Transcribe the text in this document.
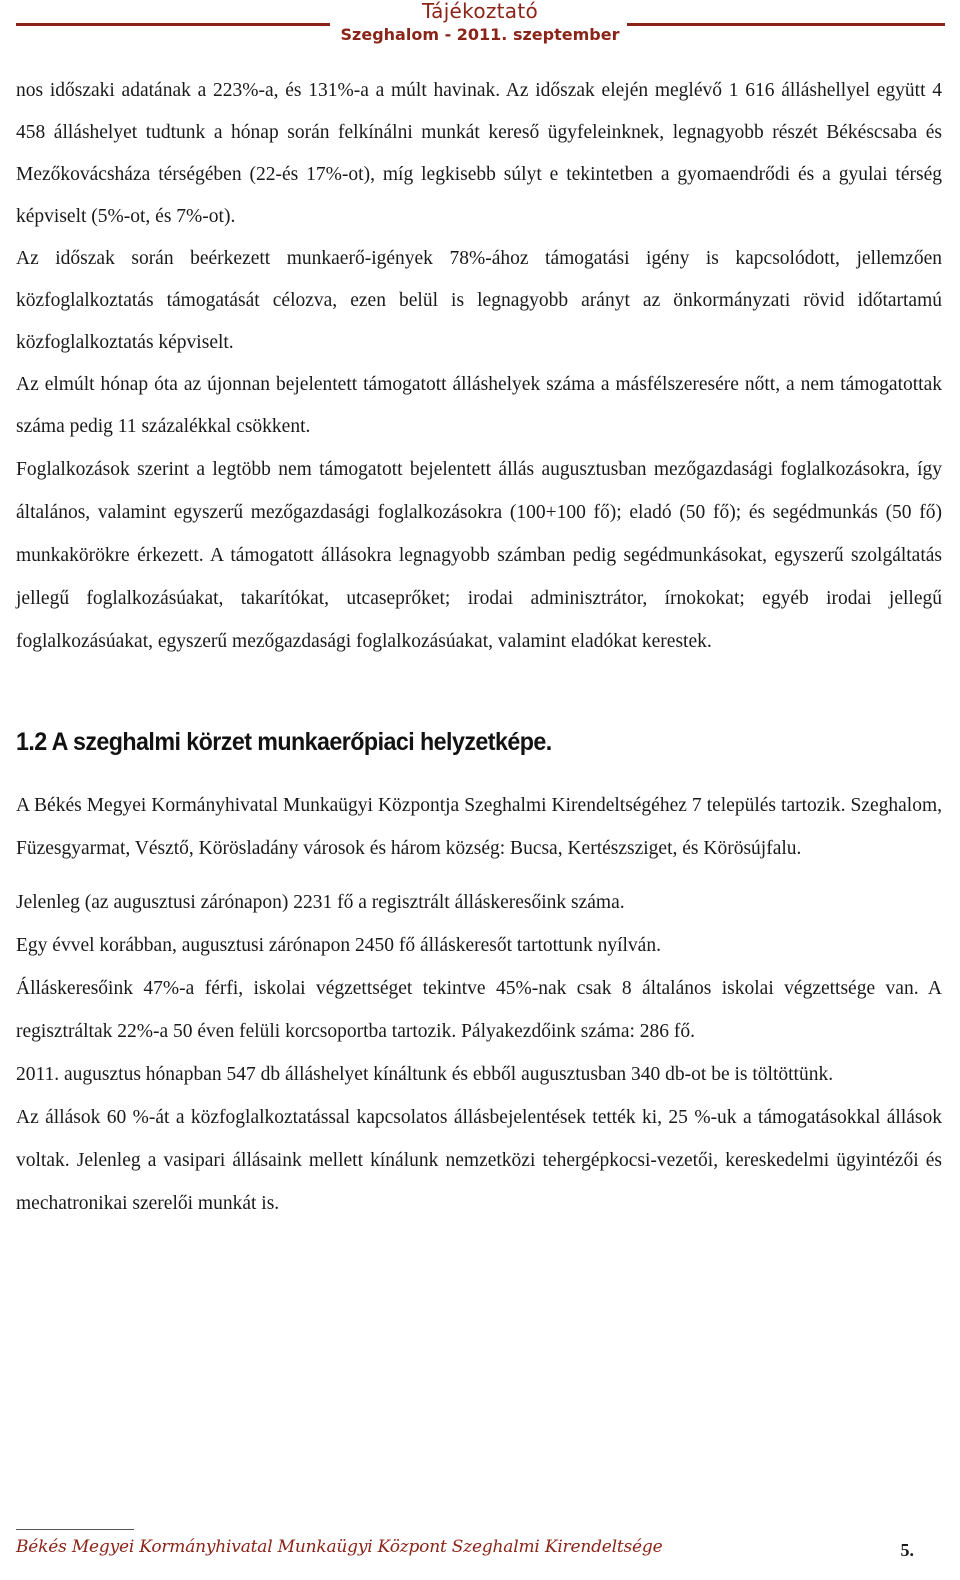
Tájékoztató
Szeghalom - 2011. szeptember

nos időszaki adatának a 223%-a, és 131%-a a múlt havinak. Az időszak elején meglévő 1 616 álláshellyel együtt 4 458 álláshelyet tudtunk a hónap során felkínálni munkát kereső ügyfeleinknek, legnagyobb részét Békéscsaba és Mezőkovácsháza térségében (22-és 17%-ot), míg legkisebb súlyt e tekintetben a gyomaendrődi és a gyulai térség képviselt (5%-ot, és 7%-ot).

Az időszak során beérkezett munkaerő-igények 78%-ához támogatási igény is kapcsolódott, jellemzően közfoglalkoztatás támogatását célozva, ezen belül is legnagyobb arányt az önkormányzati rövid időtartamú közfoglalkoztatás képviselt.

Az elmúlt hónap óta az újonnan bejelentett támogatott álláshelyek száma a másfélszeresére nőtt, a nem támogatottak száma pedig 11 százalékkal csökkent.

Foglalkozások szerint a legtöbb nem támogatott bejelentett állás augusztusban mezőgazdasági foglalkozásokra, így általános, valamint egyszerű mezőgazdasági foglalkozásokra (100+100 fő); eladó (50 fő); és segédmunkás (50 fő) munkakörökre érkezett. A támogatott állásokra legnagyobb számban pedig segédmunkásokat, egyszerű szolgáltatás jellegű foglalkozásúakat, takarítókat, utcaseprőket; irodai adminisztrátor, írnokokat; egyéb irodai jellegű foglalkozásúakat, egyszerű mezőgazdasági foglalkozásúakat, valamint eladókat kerestek.

1.2 A szeghalmi körzet munkaerőpiaci helyzetképe.

A Békés Megyei Kormányhivatal Munkaügyi Központja Szeghalmi Kirendeltségéhez 7 település tartozik. Szeghalom, Füzesgyarmat, Vésztő, Körösladány városok és három község: Bucsa, Kertészsziget, és Körösújfalu.

Jelenleg (az augusztusi zárónapon) 2231 fő a regisztrált álláskeresőink száma.

Egy évvel korábban, augusztusi zárónapon 2450 fő álláskeresőt tartottunk nyílván.

Álláskeresőink 47%-a férfi, iskolai végzettséget tekintve 45%-nak csak 8 általános iskolai végzettsége van. A regisztráltak 22%-a 50 éven felüli korcsoportba tartozik. Pályakezdőink száma: 286 fő.

2011. augusztus hónapban 547 db álláshelyet kínáltunk és ebből augusztusban 340 db-ot be is töltöttünk.

Az állások 60 %-át a közfoglalkoztatással kapcsolatos állásbejelentések tették ki, 25 %-uk a támogatásokkal állások voltak. Jelenleg a vasipari állásaink mellett kínálunk nemzetközi tehergépkocsi-vezetői, kereskedelmi ügyintézői és mechatronikai szerelői munkát is.

Békés Megyei Kormányhivatal Munkaügyi Központ Szeghalmi Kirendeltsége	5.
